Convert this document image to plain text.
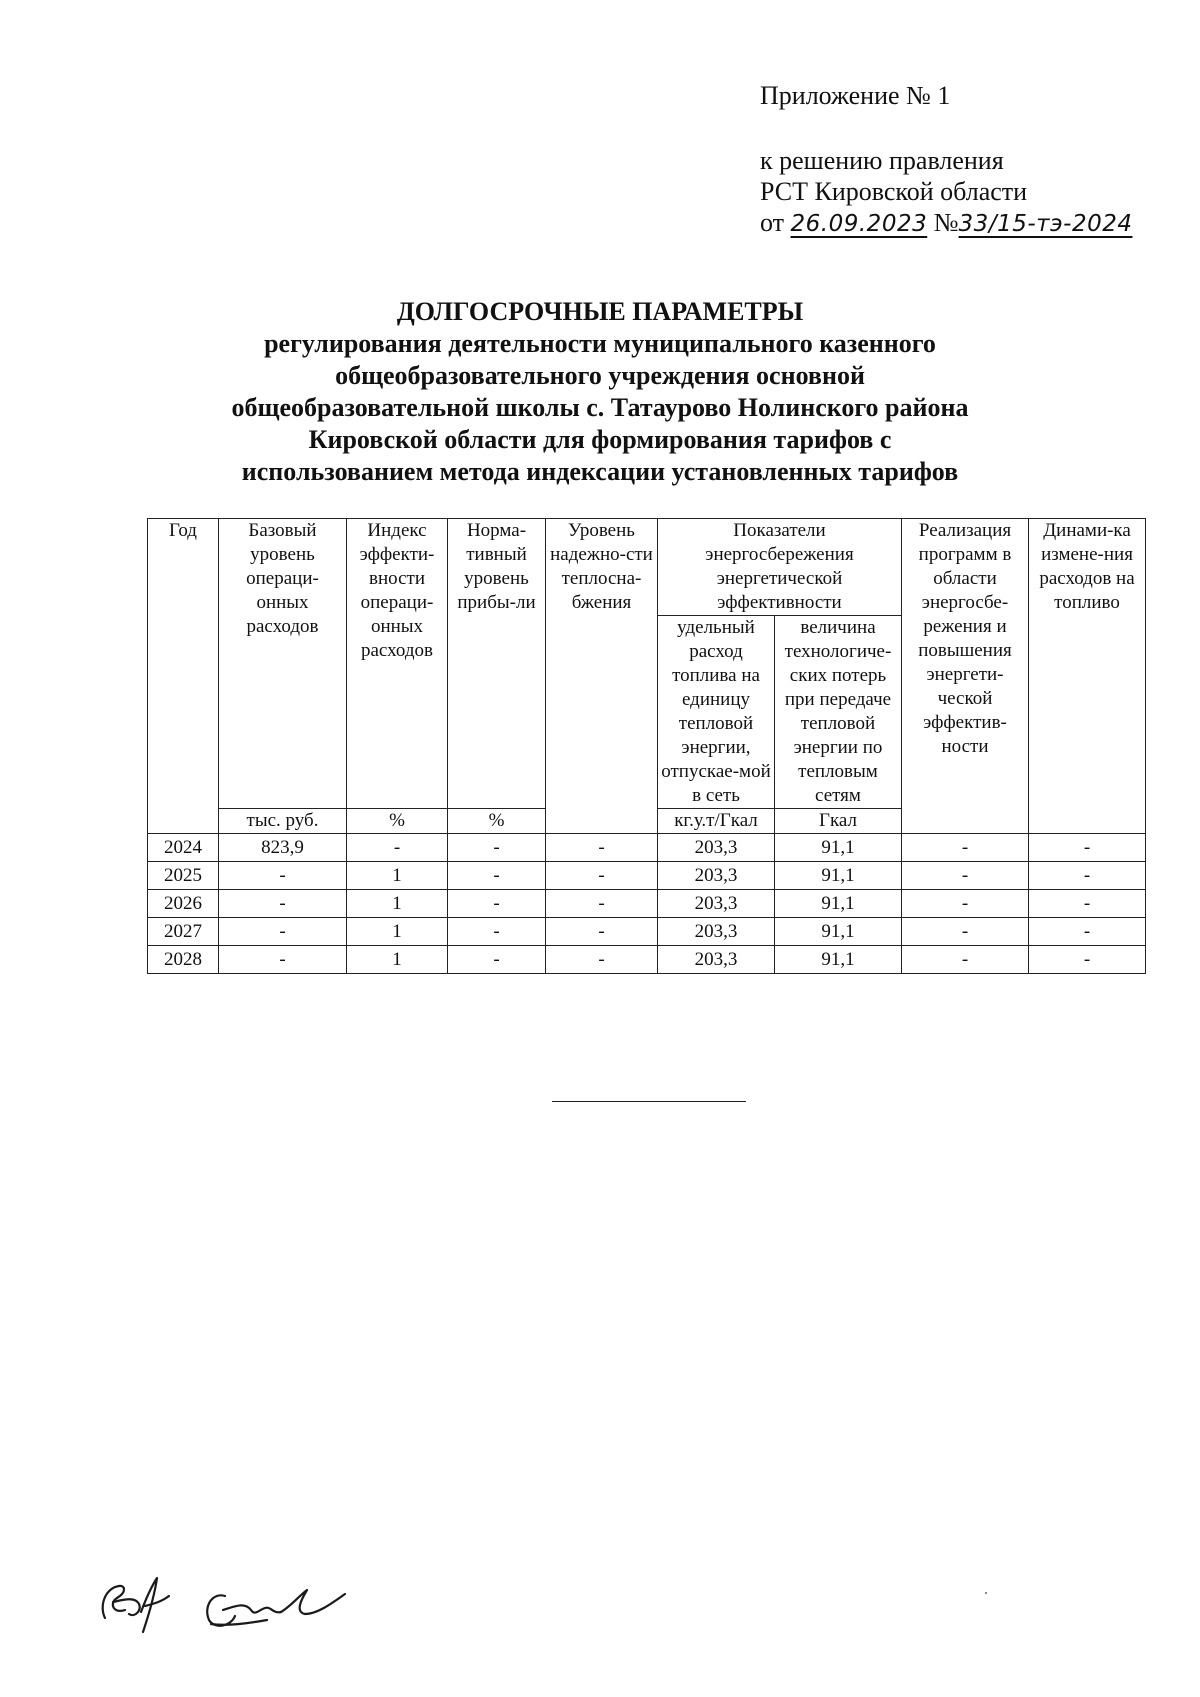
Приложение № 1
к решению правления
РСТ Кировской области
от 26.09.2023 №33/15-тэ-2024
ДОЛГОСРОЧНЫЕ ПАРАМЕТРЫ
регулирования деятельности муниципального казенного
общеобразовательного учреждения основной
общеобразовательной школы с. Татаурово Нолинского района
Кировской области для формирования тарифов с
использованием метода индексации установленных тарифов
Год	Базовый уровень операци-онных расходов	Индекс эффекти-вности операци-онных расходов	Норма-тивный уровень прибы-ли	Уровень надежно-сти теплосна-бжения	Показатели энергосбережения энергетической эффективности		Реализация программ в области энергосбе-режения и повышения энергети-ческой эффектив-ности	Динами-ка измене-ния расходов на топливо
					удельный расход топлива на единицу тепловой энергии, отпускае-мой в сеть	величина технологиче-ских потерь при передаче тепловой энергии по тепловым сетям		
	тыс. руб.	%	%		кг.у.т/Гкал	Гкал		
2024	823,9	-	-	-	203,3	91,1	-	-
2025	-	1	-	-	203,3	91,1	-	-
2026	-	1	-	-	203,3	91,1	-	-
2027	-	1	-	-	203,3	91,1	-	-
2028	-	1	-	-	203,3	91,1	-	-
